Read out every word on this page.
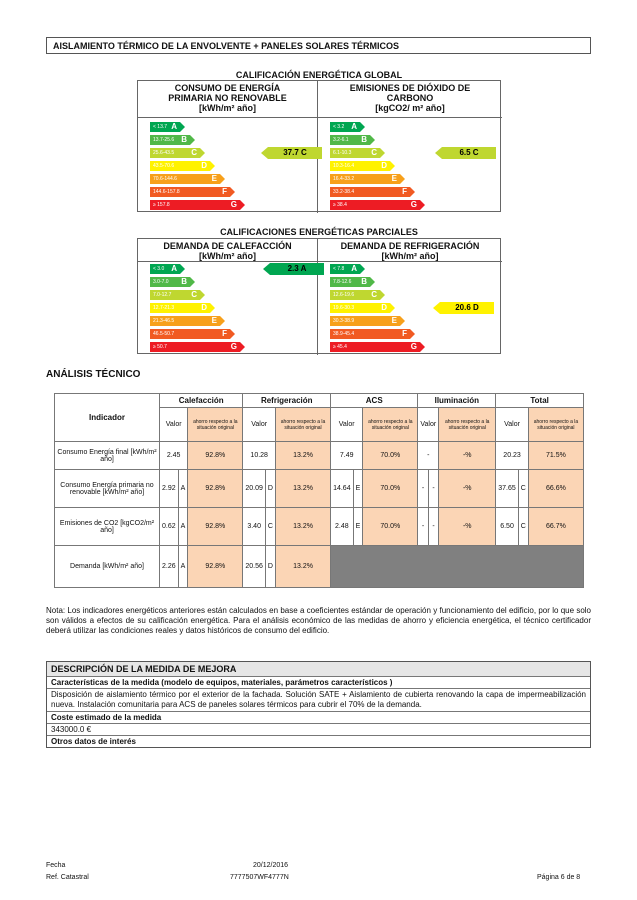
AISLAMIENTO TÉRMICO DE LA ENVOLVENTE + PANELES SOLARES TÉRMICOS
CALIFICACIÓN ENERGÉTICA GLOBAL
CONSUMO DE ENERGÍA
PRIMARIA NO RENOVABLE
[kWh/m² año]
< 13.7 A
13.7-25.6 B
25.6-43.5 C
43.5-70.6	D
70.6-144.6	E
144.6-157.8	F
≥ 157.8	G
37.7 C
EMISIONES DE DIÓXIDO DE
CARBONO
[kgCO2/ m² año]
< 3.2 A
3.2-6.1 B
6.1-10.3 C
10.3-16.4	D
16.4-33.2	E
33.2-38.4	F
≥ 38.4	G
6.5 C
CALIFICACIONES ENERGÉTICAS PARCIALES
DEMANDA DE CALEFACCIÓN
[kWh/m² año]
< 3.0 A
3.0-7.0 B
7.0-12.7 C
12.7-21.3	D
21.3-46.5	E
46.5-50.7	F
≥ 50.7	G
2.3 A
DEMANDA DE REFRIGERACIÓN
[kWh/m² año]
< 7.8 A
7.8-12.6 B
12.6-19.6 C
19.6-30.3	D
30.3-38.9	E
38.9-45.4	F
≥ 45.4	G
20.6 D
ANÁLISIS TÉCNICO
Indicador	Calefacción			Refrigeración			ACS			Iluminación			Total		
	Valor		ahorro respecto a la situación original	Valor		ahorro respecto a la situación original	Valor		ahorro respecto a la situación original	Valor		ahorro respecto a la situación original	Valor		ahorro respecto a la situación original
Consumo Energía final [kWh/m² año]	2.45		92.8%	10.28		13.2%	7.49		70.0%	-		-%	20.23		71.5%
Consumo Energía primaria no renovable [kWh/m² año]	2.92	A	92.8%	20.09	D	13.2%	14.64	E	70.0%	-	-	-%	37.65	C	66.6%
Emisiones de CO2 [kgCO2/m² año]	0.62	A	92.8%	3.40	C	13.2%	2.48	E	70.0%	-	-	-%	6.50	C	66.7%
Demanda [kWh/m² año]	2.26	A	92.8%	20.56	D	13.2%									
Nota: Los indicadores energéticos anteriores están calculados en base a coeficientes estándar de operación y funcionamiento del edificio, por lo que solo son válidos a efectos de su calificación energética. Para el análisis económico de las medidas de ahorro y eficiencia energética, el técnico certificador deberá utilizar las condiciones reales y datos históricos de consumo del edificio.
DESCRIPCIÓN DE LA MEDIDA DE MEJORA
Características de la medida (modelo de equipos, materiales, parámetros característicos )
Disposición de aislamiento térmico por el exterior de la fachada. Solución SATE + Aislamiento de cubierta renovando la capa de impermeabilización nueva. Instalación comunitaria para ACS de paneles solares térmicos para cubrir el 70% de la demanda.
Coste estimado de la medida
343000.0 €
Otros datos de interés
Fecha	20/12/2016
Ref. Catastral	7777507WF4777N	Página 6 de 8
